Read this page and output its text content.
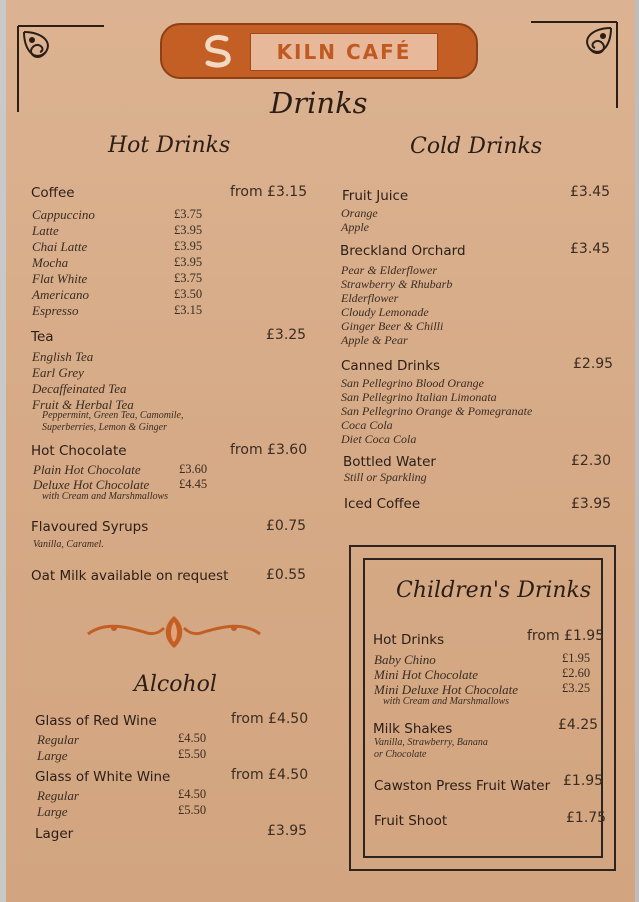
KILN CAFÉ
Drinks
Hot Drinks	Cold Drinks
Coffee	from £3.15
Cappuccino	£3.75
Latte	£3.95
Chai Latte	£3.95
Mocha	£3.95
Flat White	£3.75
Americano	£3.50
Espresso	£3.15
Tea	£3.25
English Tea
Earl Grey
Decaffeinated Tea
Fruit & Herbal Tea
Peppermint, Green Tea, Camomile,
Superberries, Lemon & Ginger
Hot Chocolate	from £3.60
Plain Hot Chocolate	£3.60
Deluxe Hot Chocolate £4.45
with Cream and Marshmallows
Flavoured Syrups	£0.75
Vanilla, Caramel.
Oat Milk available on request	£0.55
Alcohol
Glass of Red Wine	from £4.50
Regular	£4.50
Large	£5.50
Glass of White Wine	from £4.50
Regular	£4.50
Large	£5.50
Lager	£3.95
Fruit Juice	£3.45
Orange
Apple
Breckland Orchard	£3.45
Pear & Elderflower
Strawberry & Rhubarb
Elderflower
Cloudy Lemonade
Ginger Beer & Chilli
Apple & Pear
Canned Drinks	£2.95
San Pellegrino Blood Orange
San Pellegrino Italian Limonata
San Pellegrino Orange & Pomegranate
Coca Cola
Diet Coca Cola
Bottled Water	£2.30
Still or Sparkling
Iced Coffee	£3.95
Children's Drinks
Hot Drinks	from £1.95
Baby Chino	£1.95
Mini Hot Chocolate	£2.60
Mini Deluxe Hot Chocolate	£3.25
with Cream and Marshmallows
Milk Shakes	£4.25
Vanilla, Strawberry, Banana
or Chocolate
Cawston Press Fruit Water £1.95
Fruit Shoot	£1.75
